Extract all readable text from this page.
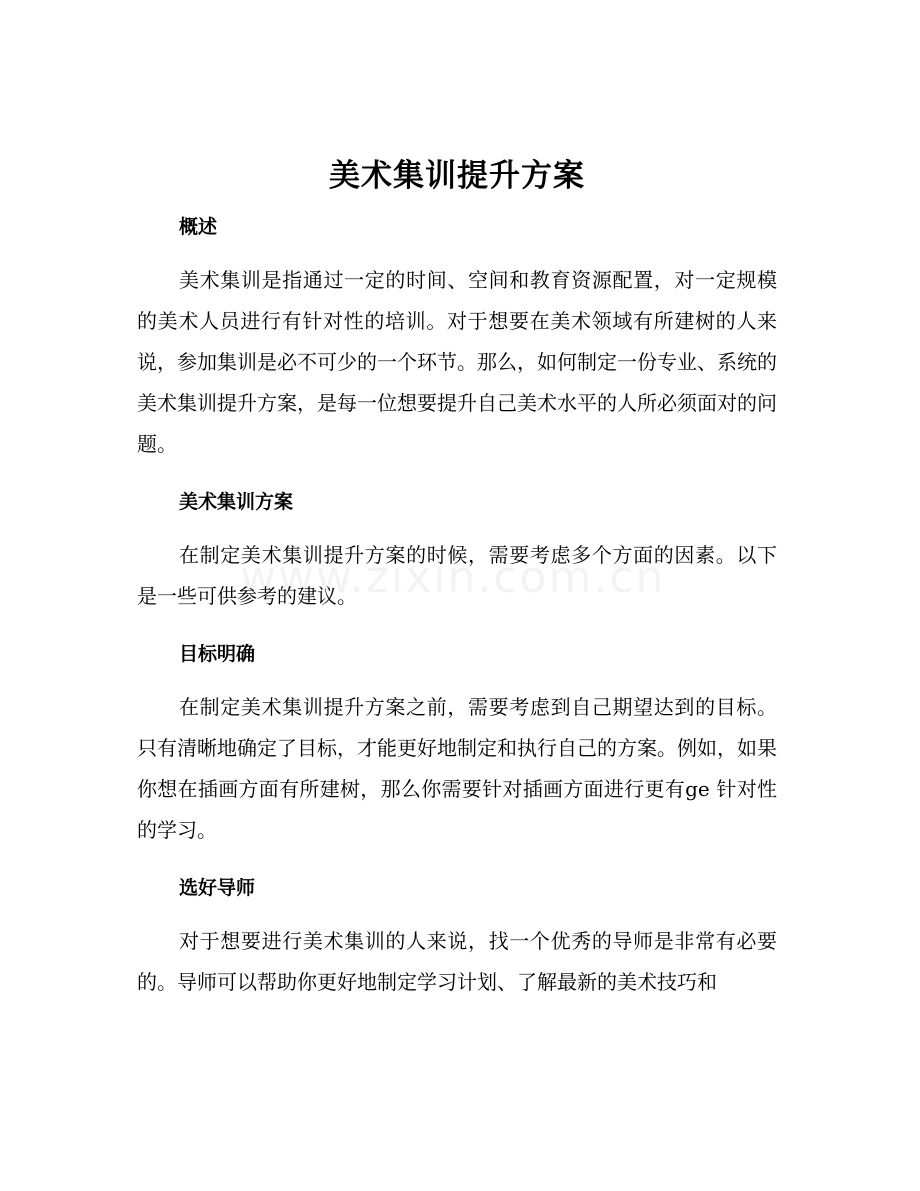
美术集训提升方案
概述

美术集训是指通过一定的时间、空间和教育资源配置，对一定规模的美术人员进行有针对性的培训。对于想要在美术领域有所建树的人来说，参加集训是必不可少的一个环节。那么，如何制定一份专业、系统的美术集训提升方案，是每一位想要提升自己美术水平的人所必须面对的问题。

美术集训方案

在制定美术集训提升方案的时候，需要考虑多个方面的因素。以下是一些可供参考的建议。

目标明确

在制定美术集训提升方案之前，需要考虑到自己期望达到的目标。只有清晰地确定了目标，才能更好地制定和执行自己的方案。例如，如果你想在插画方面有所建树，那么你需要针对插画方面进行更有ge 针对性的学习。

选好导师

对于想要进行美术集训的人来说，找一个优秀的导师是非常有必要的。导师可以帮助你更好地制定学习计划、了解最新的美术技巧和
